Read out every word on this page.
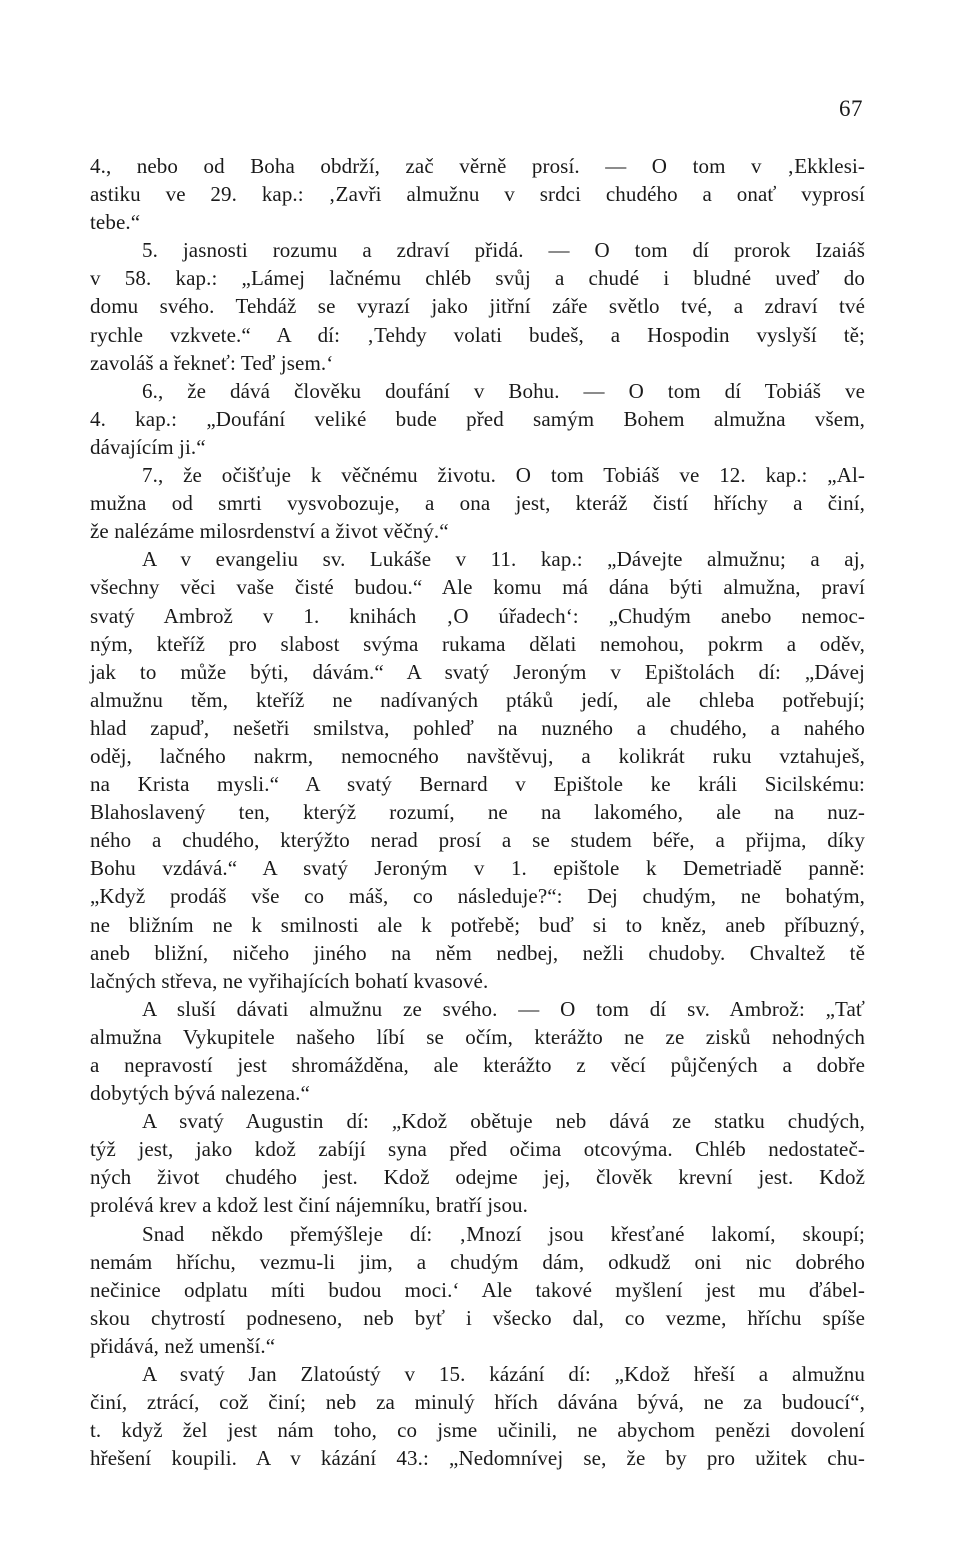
67
4., nebo od Boha obdrží, zač věrně prosí. — O tom v ‚Ekklesi-
astiku ve 29. kap.: ‚Zavři almužnu v srdci chudého a onať vyprosí
tebe.“
5. jasnosti rozumu a zdraví přidá. — O tom dí prorok Izaiáš
v 58. kap.: „Lámej lačnému chléb svůj a chudé i bludné uveď do
domu svého. Tehdáž se vyrazí jako jitřní záře světlo tvé, a zdraví tvé
rychle vzkvete.“ A dí: ‚Tehdy volati budeš, a Hospodin vyslyší tě;
zavoláš a řekneť: Teď jsem.‘
6., že dává člověku doufání v Bohu. — O tom dí Tobiáš ve
4. kap.: „Doufání veliké bude před samým Bohem almužna všem,
dávajícím ji.“
7., že očišťuje k věčnému životu. O tom Tobiáš ve 12. kap.: „Al-
mužna od smrti vysvobozuje, a ona jest, kteráž čistí hříchy a činí,
že nalézáme milosrdenství a život věčný.“
A v evangeliu sv. Lukáše v 11. kap.: „Dávejte almužnu; a aj,
všechny věci vaše čisté budou.“ Ale komu má dána býti almužna, praví
svatý Ambrož v 1. knihách ‚O úřadech‘: „Chudým anebo nemoc-
ným, kteříž pro slabost svýma rukama dělati nemohou, pokrm a oděv,
jak to může býti, dávám.“ A svatý Jeroným v Epištolách dí: „Dávej
almužnu těm, kteříž ne nadívaných ptáků jedí, ale chleba potřebují;
hlad zapuď, nešetři smilstva, pohleď na nuzného a chudého, a nahého
oděj, lačného nakrm, nemocného navštěvuj, a kolikrát ruku vztahuješ,
na Krista mysli.“ A svatý Bernard v Epištole ke králi Sicilskému:
Blahoslavený ten, kterýž rozumí, ne na lakomého, ale na nuz-
ného a chudého, kterýžto nerad prosí a se studem béře, a přijma, díky
Bohu vzdává.“ A svatý Jeroným v 1. epištole k Demetriadě panně:
„Když prodáš vše co máš, co následuje?“: Dej chudým, ne bohatým,
ne bližním ne k smilnosti ale k potřebě; buď si to kněz, aneb příbuzný,
aneb bližní, ničeho jiného na něm nedbej, nežli chudoby. Chvaltež tě
lačných střeva, ne vyřihajících bohatí kvasové.
A sluší dávati almužnu ze svého. — O tom dí sv. Ambrož: „Tať
almužna Vykupitele našeho líbí se očím, kterážto ne ze zisků nehodných
a nepravostí jest shromážděna, ale kterážto z věcí půjčených a dobře
dobytých bývá nalezena.“
A svatý Augustin dí: „Kdož obětuje neb dává ze statku chudých,
týž jest, jako kdož zabíjí syna před očima otcovýma. Chléb nedostateč-
ných život chudého jest. Kdož odejme jej, člověk krevní jest. Kdož
prolévá krev a kdož lest činí nájemníku, bratří jsou.
Snad někdo přemýšleje dí: ‚Mnozí jsou křesťané lakomí, skoupí;
nemám hříchu, vezmu-li jim, a chudým dám, odkudž oni nic dobrého
nečinice odplatu míti budou moci.‘ Ale takové myšlení jest mu ďábel-
skou chytrostí podneseno, neb byť i všecko dal, co vezme, hříchu spíše
přidává, než umenší.“
A svatý Jan Zlatoústý v 15. kázání dí: „Kdož hřeší a almužnu
činí, ztrácí, což činí; neb za minulý hřích dávána bývá, ne za budoucí“,
t. když žel jest nám toho, co jsme učinili, ne abychom penězi dovolení
hřešení koupili. A v kázání 43.: „Nedomnívej se, že by pro užitek chu-
